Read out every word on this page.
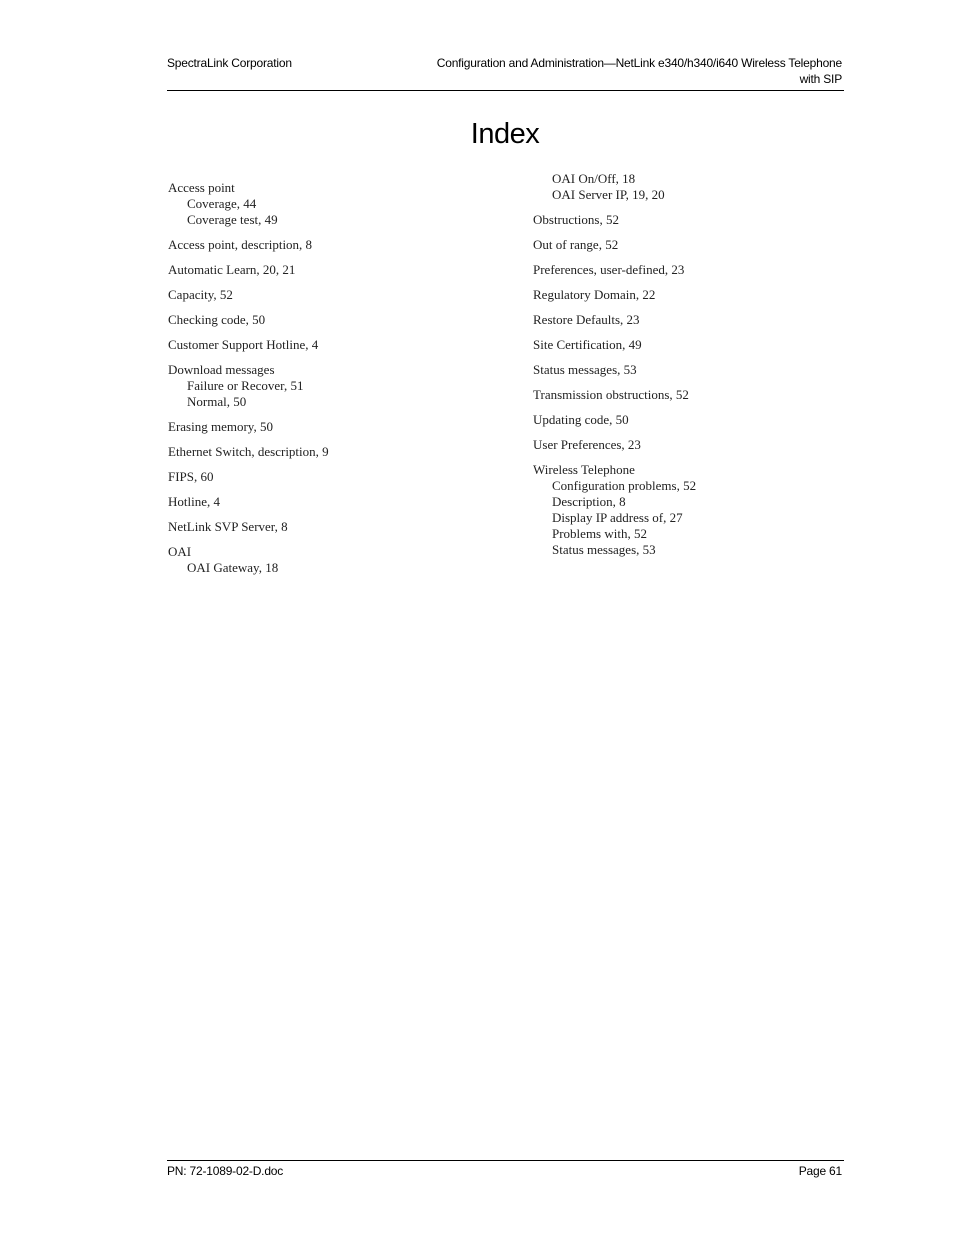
SpectraLink Corporation	Configuration and Administration—NetLink e340/h340/i640 Wireless Telephone
with SIP
Index
Access point
Coverage, 44
Coverage test, 49
Access point, description, 8
Automatic Learn, 20, 21
Capacity, 52
Checking code, 50
Customer Support Hotline, 4
Download messages
Failure or Recover, 51
Normal, 50
Erasing memory, 50
Ethernet Switch, description, 9
FIPS, 60
Hotline, 4
NetLink SVP Server, 8
OAI
OAI Gateway, 18
OAI On/Off, 18
OAI Server IP, 19, 20
Obstructions, 52
Out of range, 52
Preferences, user-defined, 23
Regulatory Domain, 22
Restore Defaults, 23
Site Certification, 49
Status messages, 53
Transmission obstructions, 52
Updating code, 50
User Preferences, 23
Wireless Telephone
Configuration problems, 52
Description, 8
Display IP address of, 27
Problems with, 52
Status messages, 53
PN: 72-1089-02-D.doc	Page 61
